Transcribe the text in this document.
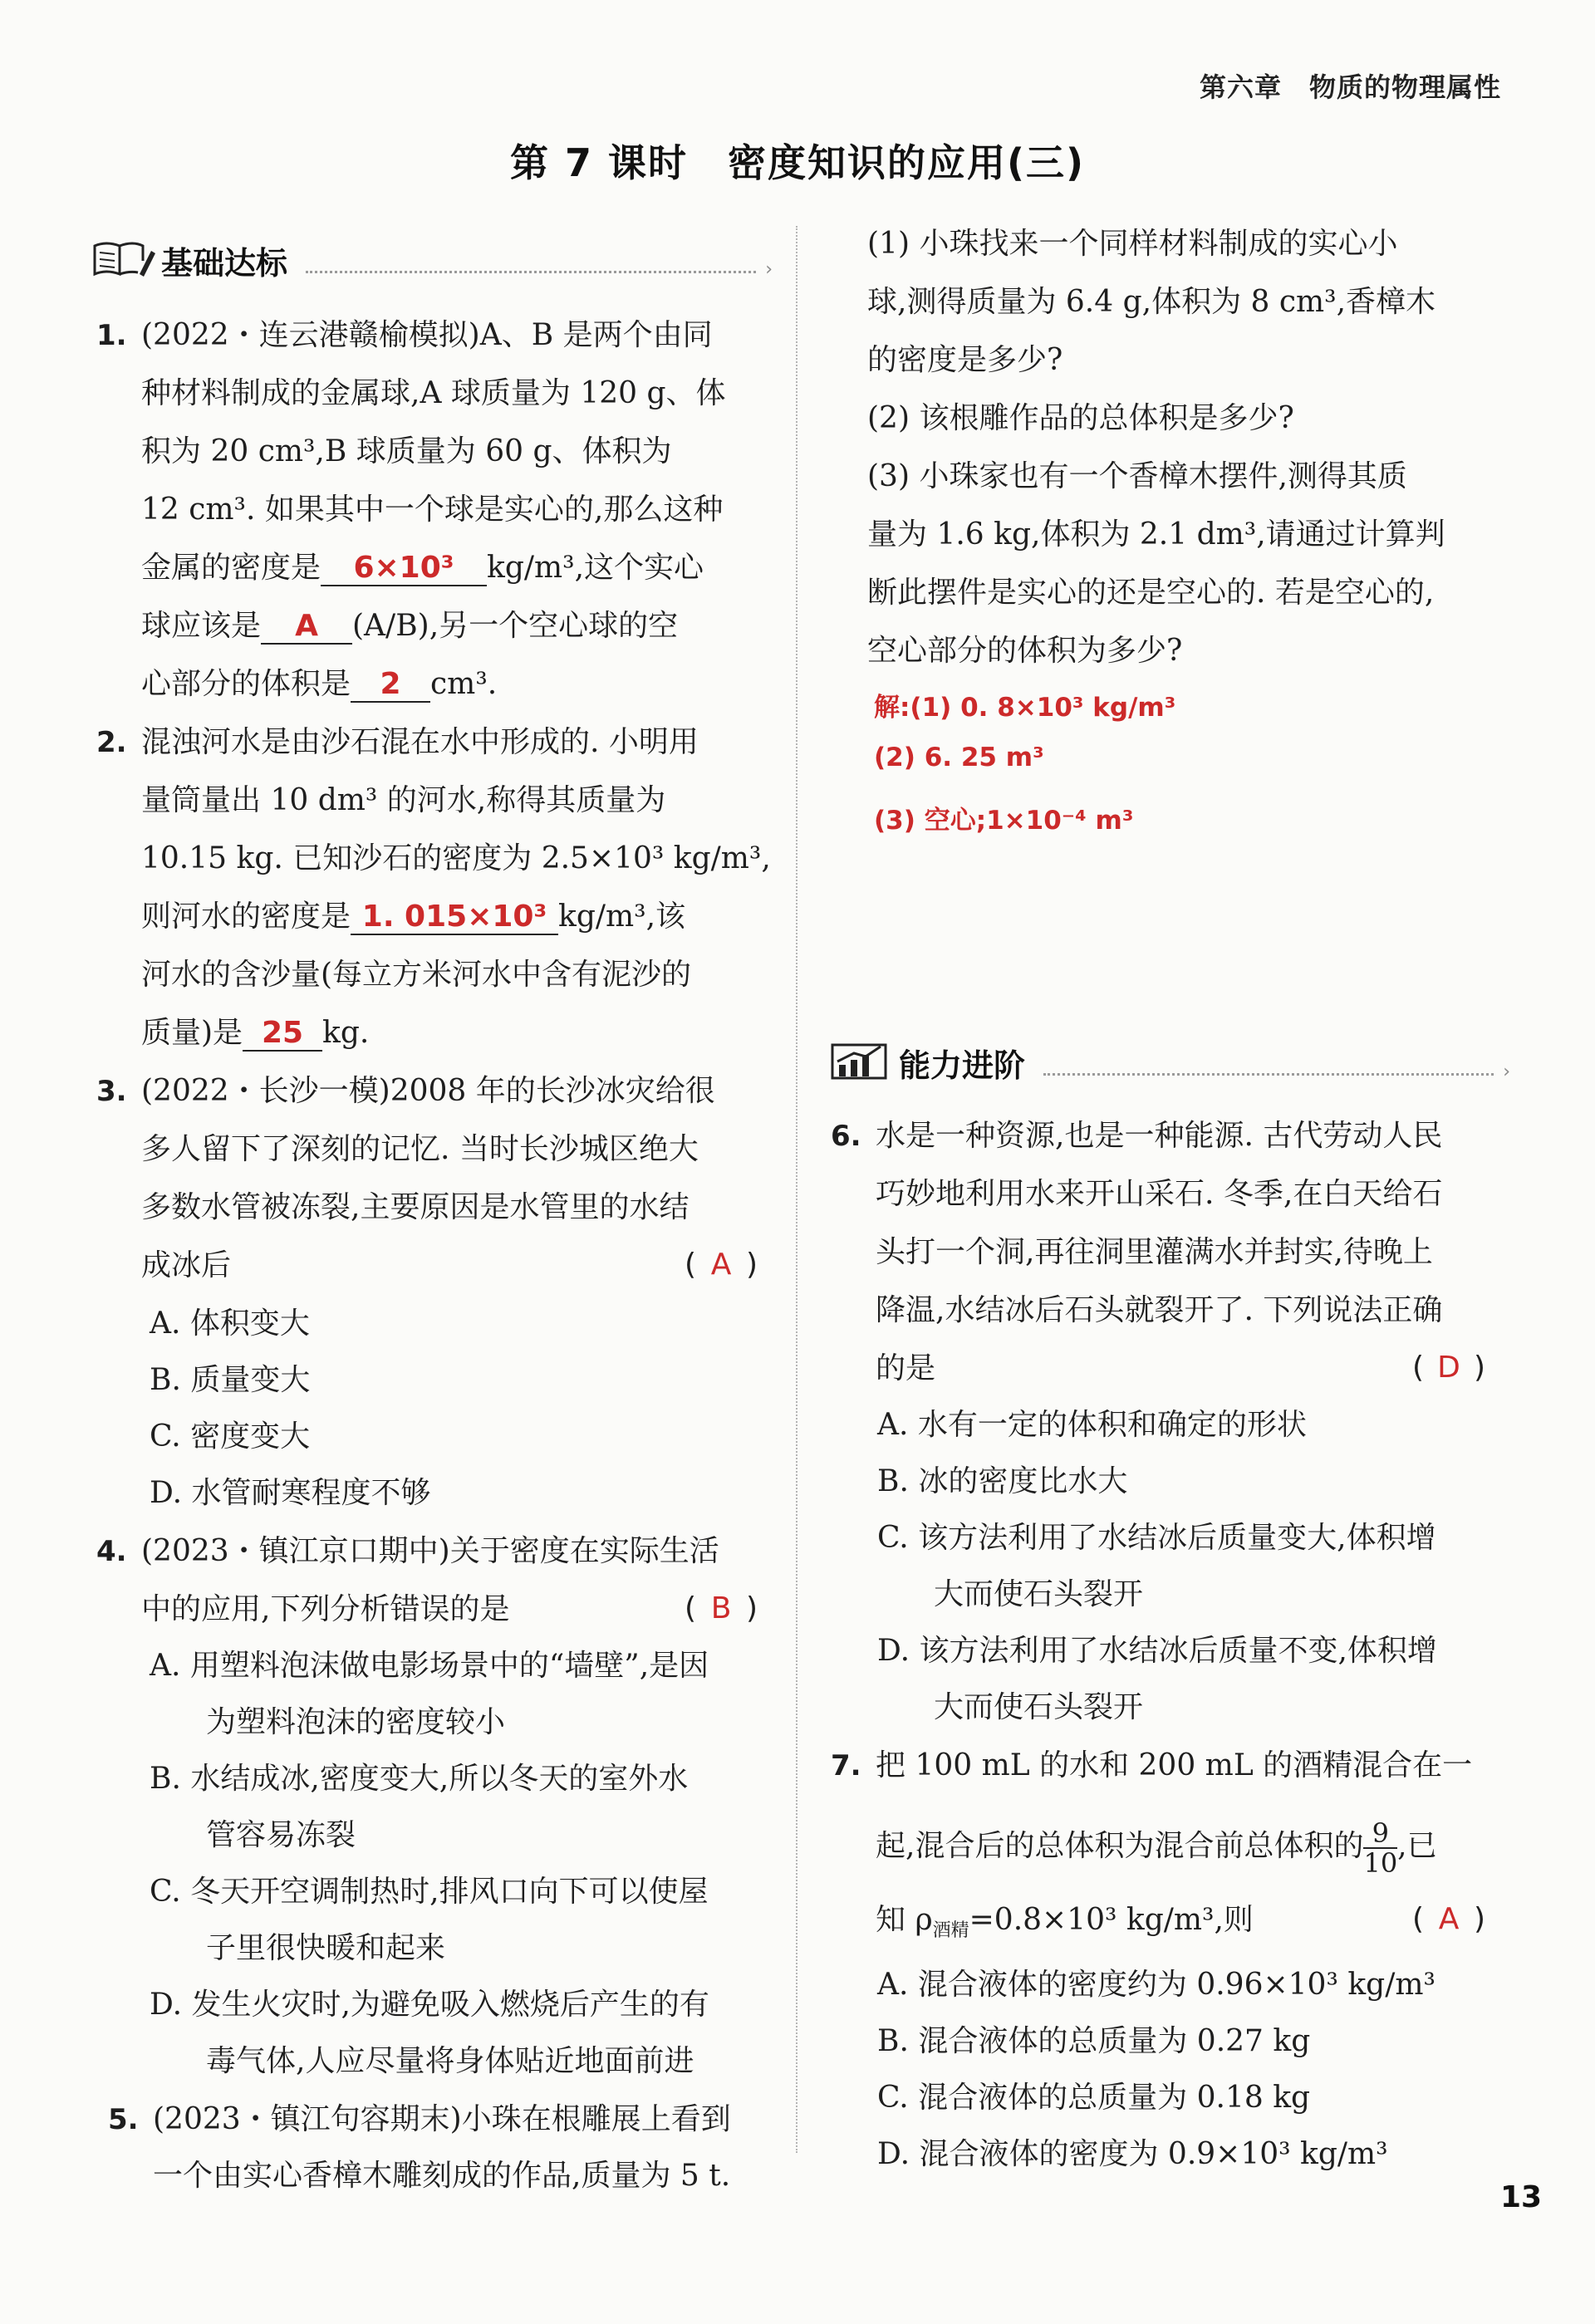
第六章　物质的物理属性
第 7 课时　密度知识的应用(三)
基础达标	›
能力进阶	›
1. (2022・连云港赣榆模拟)A、B 是两个由同
种材料制成的金属球,A 球质量为 120 g、体
积为 20 cm³,B 球质量为 60 g、体积为
12 cm³. 如果其中一个球是实心的,那么这种
金属的密度是 6×10³ kg/m³,这个实心
球应该是 A (A/B),另一个空心球的空
心部分的体积是 2 cm³.
2. 混浊河水是由沙石混在水中形成的. 小明用
量筒量出 10 dm³ 的河水,称得其质量为
10.15 kg. 已知沙石的密度为 2.5×10³ kg/m³,
则河水的密度是 1. 015×10³ kg/m³,该
河水的含沙量(每立方米河水中含有泥沙的
质量)是 25 kg.
3. (2022・长沙一模)2008 年的长沙冰灾给很
多人留下了深刻的记忆. 当时长沙城区绝大
多数水管被冻裂,主要原因是水管里的水结
成冰后	( A )
A. 体积变大
B. 质量变大
C. 密度变大
D. 水管耐寒程度不够
4. (2023・镇江京口期中)关于密度在实际生活
中的应用,下列分析错误的是	( B )
A. 用塑料泡沫做电影场景中的“墙壁”,是因
为塑料泡沫的密度较小
B. 水结成冰,密度变大,所以冬天的室外水
管容易冻裂
C. 冬天开空调制热时,排风口向下可以使屋
子里很快暖和起来
D. 发生火灾时,为避免吸入燃烧后产生的有
毒气体,人应尽量将身体贴近地面前进
5. (2023・镇江句容期末)小珠在根雕展上看到
一个由实心香樟木雕刻成的作品,质量为 5 t.
(1) 小珠找来一个同样材料制成的实心小
球,测得质量为 6.4 g,体积为 8 cm³,香樟木
的密度是多少?
(2) 该根雕作品的总体积是多少?
(3) 小珠家也有一个香樟木摆件,测得其质
量为 1.6 kg,体积为 2.1 dm³,请通过计算判
断此摆件是实心的还是空心的. 若是空心的,
空心部分的体积为多少?
解:(1) 0. 8×10³ kg/m³
(2) 6. 25 m³
(3) 空心;1×10⁻⁴ m³
6. 水是一种资源,也是一种能源. 古代劳动人民
巧妙地利用水来开山采石. 冬季,在白天给石
头打一个洞,再往洞里灌满水并封实,待晚上
降温,水结冰后石头就裂开了. 下列说法正确
的是	( D )
A. 水有一定的体积和确定的形状
B. 冰的密度比水大
C. 该方法利用了水结冰后质量变大,体积增
大而使石头裂开
D. 该方法利用了水结冰后质量不变,体积增
大而使石头裂开
7. 把 100 mL 的水和 200 mL 的酒精混合在一
起,混合后的总体积为混合前总体积的 $\frac{9}{10}$ ,已
知 $\rho_{酒精}=0.8\times 10^3$ kg/m³,则	( A )
A. 混合液体的密度约为 0.96×10³ kg/m³
B. 混合液体的总质量为 0.27 kg
C. 混合液体的总质量为 0.18 kg
D. 混合液体的密度为 0.9×10³ kg/m³
13
